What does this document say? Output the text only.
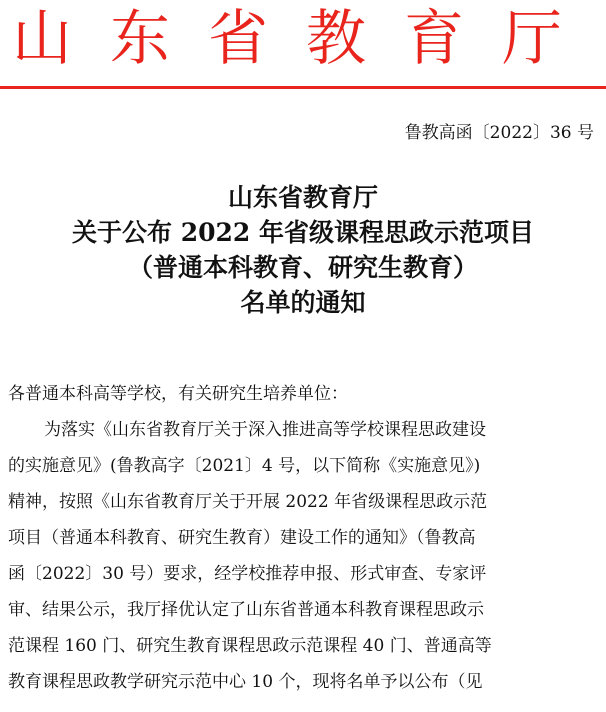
山东省教育厅
鲁教高函〔2022〕36 号
山东省教育厅
关于公布 2022 年省级课程思政示范项目
（普通本科教育、研究生教育）
名单的通知
各普通本科高等学校，有关研究生培养单位：
为落实《山东省教育厅关于深入推进高等学校课程思政建设
的实施意见》(鲁教高字〔2021〕4 号，以下简称《实施意见》)
精神，按照《山东省教育厅关于开展 2022 年省级课程思政示范
项目（普通本科教育、研究生教育）建设工作的通知》（鲁教高
函〔2022〕30 号）要求，经学校推荐申报、形式审查、专家评
审、结果公示，我厅择优认定了山东省普通本科教育课程思政示
范课程 160 门、研究生教育课程思政示范课程 40 门、普通高等
教育课程思政教学研究示范中心 10 个，现将名单予以公布（见
